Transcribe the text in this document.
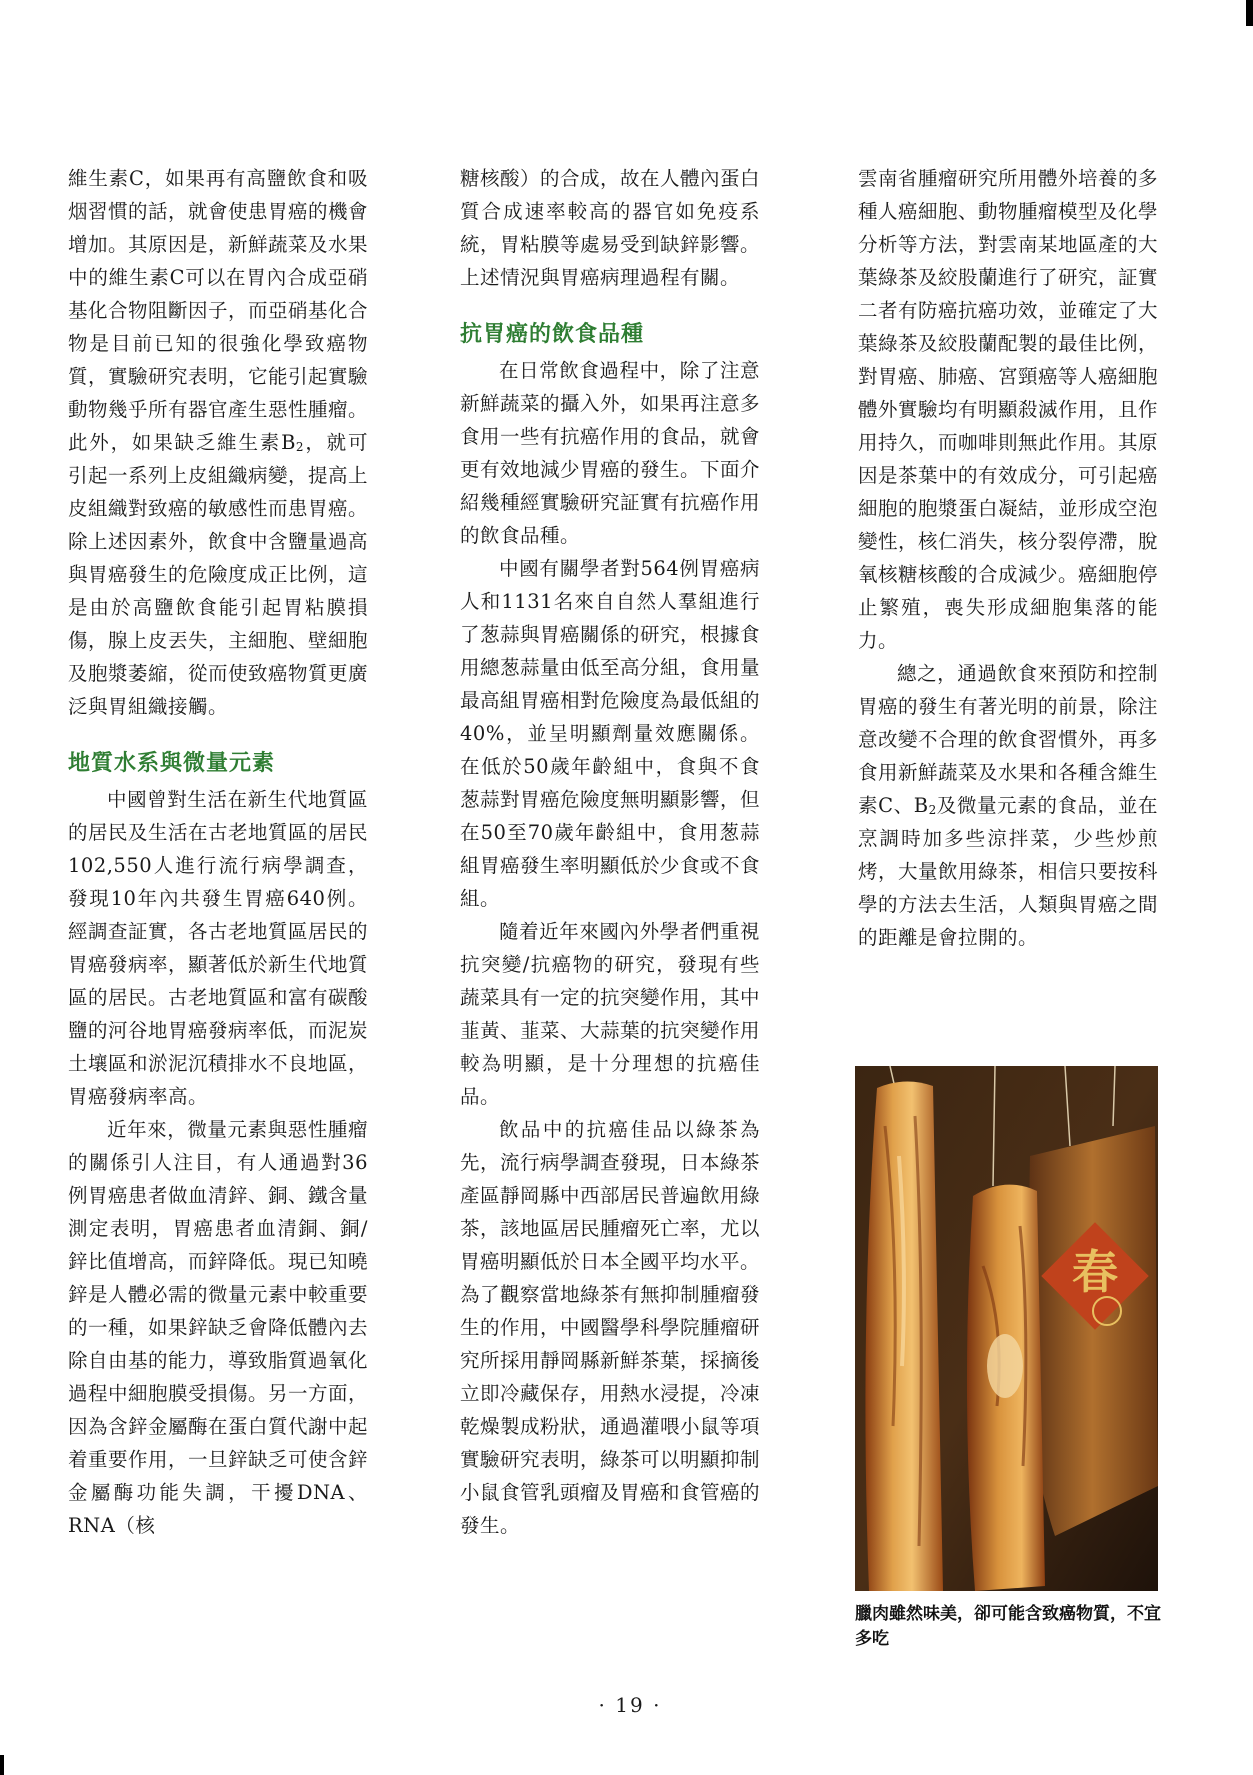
維生素C，如果再有高鹽飲食和吸烟習慣的話，就會使患胃癌的機會增加。其原因是，新鮮蔬菜及水果中的維生素C可以在胃內合成亞硝基化合物阻斷因子，而亞硝基化合物是目前已知的很強化學致癌物質，實驗研究表明，它能引起實驗動物幾乎所有器官產生惡性腫瘤。此外，如果缺乏維生素$B_2$，就可引起一系列上皮組織病變，提高上皮組織對致癌的敏感性而患胃癌。除上述因素外，飲食中含鹽量過高與胃癌發生的危險度成正比例，這是由於高鹽飲食能引起胃粘膜損傷，腺上皮丟失，主細胞、壁細胞及胞漿萎縮，從而使致癌物質更廣泛與胃組織接觸。

地質水系與微量元素

中國曾對生活在新生代地質區的居民及生活在古老地質區的居民102,550人進行流行病學調查，發現10年內共發生胃癌640例。經調查証實，各古老地質區居民的胃癌發病率，顯著低於新生代地質區的居民。古老地質區和富有碳酸鹽的河谷地胃癌發病率低，而泥炭土壤區和淤泥沉積排水不良地區，胃癌發病率高。

近年來，微量元素與惡性腫瘤的關係引人注目，有人通過對36例胃癌患者做血清鋅、銅、鐵含量測定表明，胃癌患者血清銅、銅/鋅比值增高，而鋅降低。現已知曉鋅是人體必需的微量元素中較重要的一種，如果鋅缺乏會降低體內去除自由基的能力，導致脂質過氧化過程中細胞膜受損傷。另一方面，因為含鋅金屬酶在蛋白質代謝中起着重要作用，一旦鋅缺乏可使含鋅金屬酶功能失調，干擾DNA、RNA（核

糖核酸）的合成，故在人體內蛋白質合成速率較高的器官如免疫系統，胃粘膜等處易受到缺鋅影響。上述情況與胃癌病理過程有關。

抗胃癌的飲食品種

在日常飲食過程中，除了注意新鮮蔬菜的攝入外，如果再注意多食用一些有抗癌作用的食品，就會更有效地減少胃癌的發生。下面介紹幾種經實驗研究証實有抗癌作用的飲食品種。

中國有關學者對564例胃癌病人和1131名來自自然人羣組進行了葱蒜與胃癌關係的研究，根據食用總葱蒜量由低至高分組，食用量最高組胃癌相對危險度為最低組的40%，並呈明顯劑量效應關係。在低於50歲年齡組中，食與不食葱蒜對胃癌危險度無明顯影響，但在50至70歲年齡組中，食用葱蒜組胃癌發生率明顯低於少食或不食組。

隨着近年來國內外學者們重視抗突變/抗癌物的研究，發現有些蔬菜具有一定的抗突變作用，其中韮黃、韮菜、大蒜葉的抗突變作用較為明顯，是十分理想的抗癌佳品。

飲品中的抗癌佳品以綠茶為先，流行病學調查發現，日本綠茶產區靜岡縣中西部居民普遍飲用綠茶，該地區居民腫瘤死亡率，尤以胃癌明顯低於日本全國平均水平。為了觀察當地綠茶有無抑制腫瘤發生的作用，中國醫學科學院腫瘤研究所採用靜岡縣新鮮茶葉，採摘後立即冷藏保存，用熱水浸提，冷凍乾燥製成粉狀，通過灌喂小鼠等項實驗研究表明，綠茶可以明顯抑制小鼠食管乳頭瘤及胃癌和食管癌的發生。

雲南省腫瘤研究所用體外培養的多種人癌細胞、動物腫瘤模型及化學分析等方法，對雲南某地區產的大葉綠茶及絞股蘭進行了研究，証實二者有防癌抗癌功效，並確定了大葉綠茶及絞股蘭配製的最佳比例，對胃癌、肺癌、宮頸癌等人癌細胞體外實驗均有明顯殺滅作用，且作用持久，而咖啡則無此作用。其原因是茶葉中的有效成分，可引起癌細胞的胞漿蛋白凝結，並形成空泡變性，核仁消失，核分裂停滯，脫氧核糖核酸的合成減少。癌細胞停止繁殖，喪失形成細胞集落的能力。

總之，通過飲食來預防和控制胃癌的發生有著光明的前景，除注意改變不合理的飲食習慣外，再多食用新鮮蔬菜及水果和各種含維生素C、$B_2$及微量元素的食品，並在烹調時加多些涼拌菜，少些炒煎烤，大量飲用綠茶，相信只要按科學的方法去生活，人類與胃癌之間的距離是會拉開的。

春
臘肉雖然味美，卻可能含致癌物質，不宜多吃
· 19 ·
